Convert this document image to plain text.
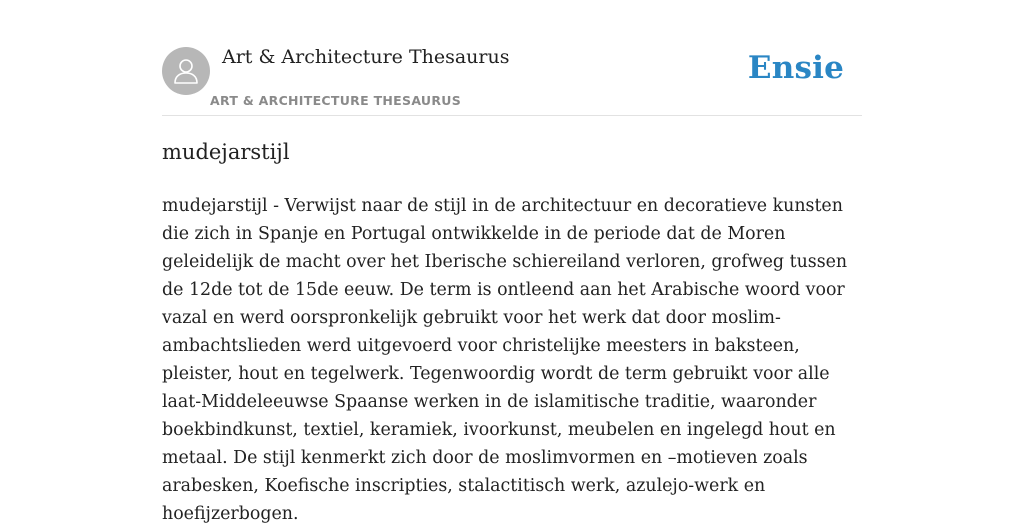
Art & Architecture Thesaurus
ART & ARCHITECTURE THESAURUS
Ensie
mudejarstijl

mudejarstijl - Verwijst naar de stijl in de architectuur en decoratieve kunsten die zich in Spanje en Portugal ontwikkelde in de periode dat de Moren geleidelijk de macht over het Iberische schiereiland verloren, grofweg tussen de 12de tot de 15de eeuw. De term is ontleend aan het Arabische woord voor vazal en werd oorspronkelijk gebruikt voor het werk dat door moslim-ambachtslieden werd uitgevoerd voor christelijke meesters in baksteen, pleister, hout en tegelwerk. Tegenwoordig wordt de term gebruikt voor alle laat-Middeleeuwse Spaanse werken in de islamitische traditie, waaronder boekbindkunst, textiel, keramiek, ivoorkunst, meubelen en ingelegd hout en metaal. De stijl kenmerkt zich door de moslimvormen en –motieven zoals arabesken, Koefische inscripties, stalactitisch werk, azulejo-werk en hoefijzerbogen.
